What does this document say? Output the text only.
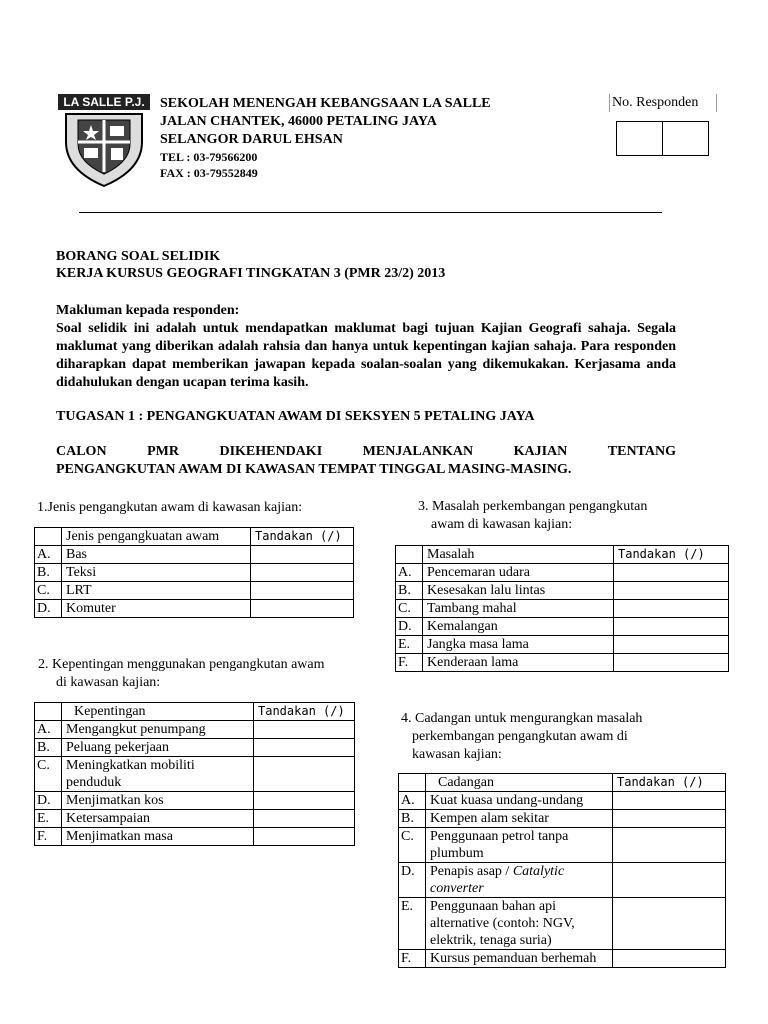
LA SALLE P.J. SEKOLAH MENENGAH KEBANGSAAN LA SALLE
JALAN CHANTEK, 46000 PETALING JAYA
SELANGOR DARUL EHSAN
TEL : 03-79566200
FAX : 03-79552849
No. Responden
BORANG SOAL SELIDIK
KERJA KURSUS GEOGRAFI TINGKATAN 3 (PMR 23/2) 2013

Makluman kepada responden:

Soal selidik ini adalah untuk mendapatkan maklumat bagi tujuan Kajian Geografi sahaja. Segala maklumat yang diberikan adalah rahsia dan hanya untuk kepentingan kajian sahaja. Para responden diharapkan dapat memberikan jawapan kepada soalan-soalan yang dikemukakan. Kerjasama anda didahulukan dengan ucapan terima kasih.

TUGASAN 1 : PENGANGKUATAN AWAM DI SEKSYEN 5 PETALING JAYA
CALON	PMR	DIKEHENDAKI	MENJALANKAN	KAJIAN	TENTANG
PENGANGKUTAN AWAM DI KAWASAN TEMPAT TINGGAL MASING-MASING.
1.Jenis pengangkutan awam di kawasan kajian:
	Jenis pengangkuatan awam	Tandakan (/)
A.	Bas	
B.	Teksi	
C.	LRT	
D.	Komuter	
2. Kepentingan menggunakan pengangkutan awam
di kawasan kajian:
	Kepentingan	Tandakan (/)
A.	Mengangkut penumpang	
B.	Peluang pekerjaan	
C.	Meningkatkan mobiliti penduduk	
D.	Menjimatkan kos	
E.	Ketersampaian	
F.	Menjimatkan masa	
3. Masalah perkembangan pengangkutan
awam di kawasan kajian:
	Masalah	Tandakan (/)
A.	Pencemaran udara	
B.	Kesesakan lalu lintas	
C.	Tambang mahal	
D.	Kemalangan	
E.	Jangka masa lama	
F.	Kenderaan lama	
4. Cadangan untuk mengurangkan masalah
perkembangan pengangkutan awam di
kawasan kajian:
	Cadangan	Tandakan (/)
A.	Kuat kuasa undang-undang	
B.	Kempen alam sekitar	
C.	Penggunaan petrol tanpa plumbum	
D.	Penapis asap / Catalytic converter	
E.	Penggunaan bahan api alternative (contoh: NGV, elektrik, tenaga suria)	
F.	Kursus pemanduan berhemah	
